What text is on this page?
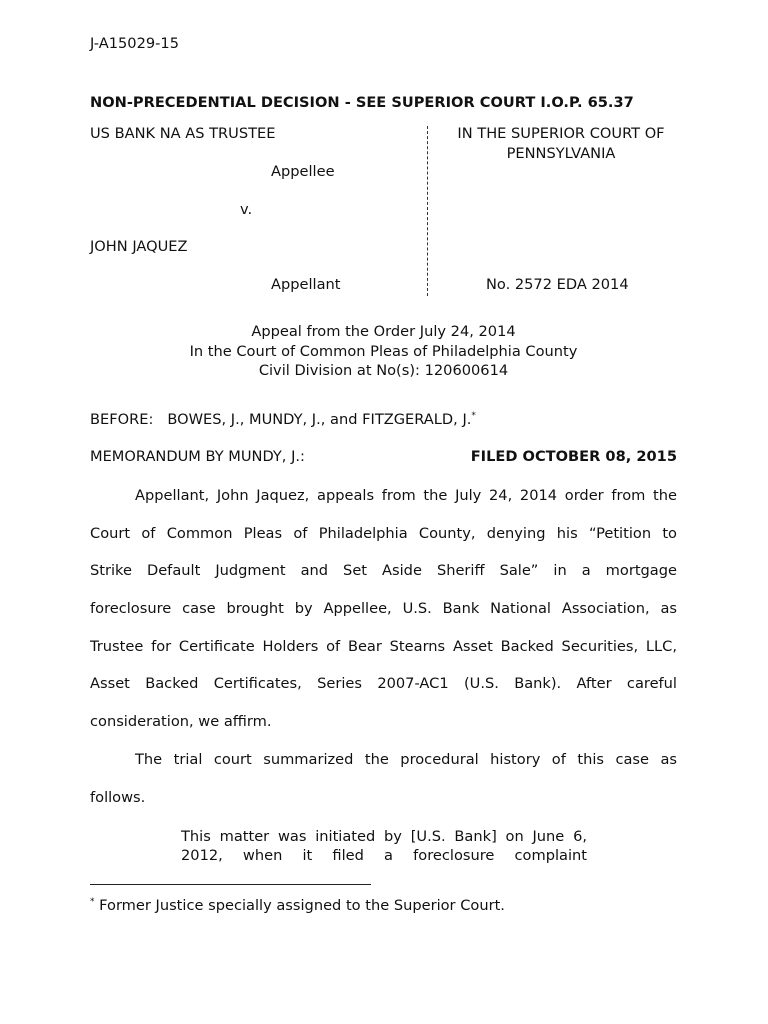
J-A15029-15
NON-PRECEDENTIAL DECISION - SEE SUPERIOR COURT I.O.P. 65.37
US BANK NA AS TRUSTEE
Appellee
v.
JOHN JAQUEZ
Appellant
IN THE SUPERIOR COURT OF
PENNSYLVANIA
No. 2572 EDA 2014
Appeal from the Order July 24, 2014
In the Court of Common Pleas of Philadelphia County
Civil Division at No(s): 120600614
BEFORE: BOWES, J., MUNDY, J., and FITZGERALD, J.*
MEMORANDUM BY MUNDY, J.:	FILED OCTOBER 08, 2015
Appellant, John Jaquez, appeals from the July 24, 2014 order from the
Court of Common Pleas of Philadelphia County, denying his “Petition to
Strike Default Judgment and Set Aside Sheriff Sale” in a mortgage
foreclosure case brought by Appellee, U.S. Bank National Association, as
Trustee for Certificate Holders of Bear Stearns Asset Backed Securities, LLC,
Asset Backed Certificates, Series 2007-AC1 (U.S. Bank). After careful
consideration, we affirm.
The trial court summarized the procedural history of this case as
follows.
This matter was initiated by [U.S. Bank] on June 6,
2012, when it filed a foreclosure complaint
* Former Justice specially assigned to the Superior Court.
